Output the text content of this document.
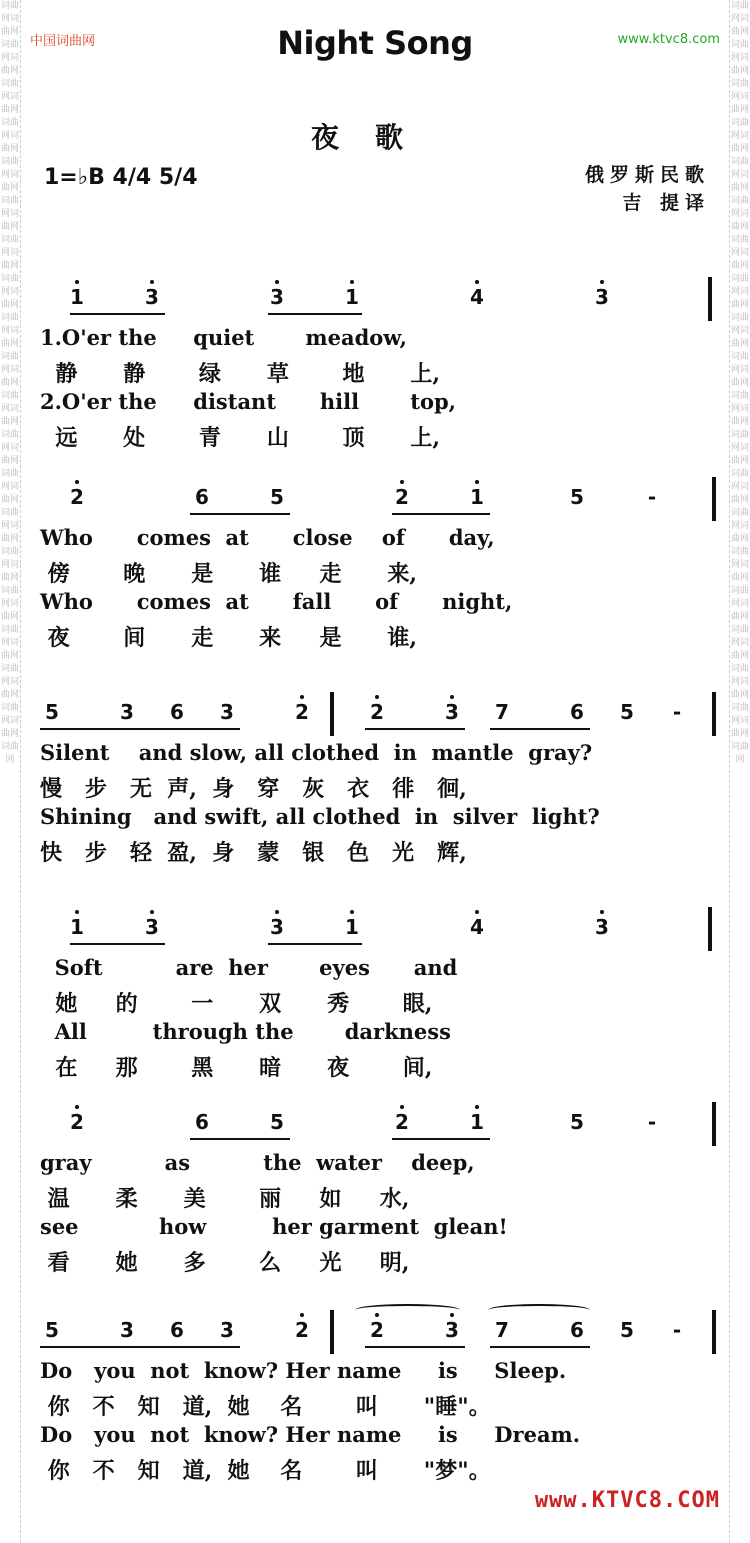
词曲网词曲网词曲网词曲网词曲网词曲网词曲网词曲网词曲网词曲网词曲网词曲网词曲网词曲网词曲网词曲网词曲网词曲网词曲网词曲网词曲网词曲网词曲网词曲网词曲网词曲网词曲网词曲网词曲网词曲网词曲网词曲网词曲网词曲网词曲网词曲网词曲网词曲网词曲网
词曲网词曲网词曲网词曲网词曲网词曲网词曲网词曲网词曲网词曲网词曲网词曲网词曲网词曲网词曲网词曲网词曲网词曲网词曲网词曲网词曲网词曲网词曲网词曲网词曲网词曲网词曲网词曲网词曲网词曲网词曲网词曲网词曲网词曲网词曲网词曲网词曲网词曲网词曲网
中国词曲网	www.ktvc8.com
Night Song
夜歌
1=♭B 4/4 5/4	俄罗斯民歌
吉 提译
1	3	3	1	4	3
1.O'er the     quiet       meadow,
静      静       绿      草       地      上,
2.O'er the     distant      hill       top,
远      处       青      山       顶      上,
2	6	5	2	1	5	-
Who      comes  at      close    of      day,
傍       晚      是      谁     走      来,
Who      comes  at      fall      of      night,
夜       间      走      来     是      谁,
5	3 6 3	2	2	3 7	6 5	-
Silent    and slow, all clothed  in  mantle  gray?
慢   步   无  声,  身   穿   灰   衣   徘   徊,
Shining   and swift, all clothed  in  silver  light?
快   步   轻  盈,  身   蒙   银   色   光   辉,
1	3	3	1	4	3
Soft          are  her       eyes      and
她     的       一      双      秀       眼,
All         through the       darkness
在     那       黑      暗      夜       间,
2	6	5	2	1	5	-
gray          as          the  water    deep,
温      柔      美       丽     如     水,
see           how         her garment  glean!
看      她      多       么     光     明,
5	3 6 3	2	2	3 7	6 5	-
Do   you  not  know? Her name     is     Sleep.
你   不   知   道,  她    名       叫      "睡"。
Do   you  not  know? Her name     is     Dream.
你   不   知   道,  她    名       叫      "梦"。
www.KTVC8.COM
